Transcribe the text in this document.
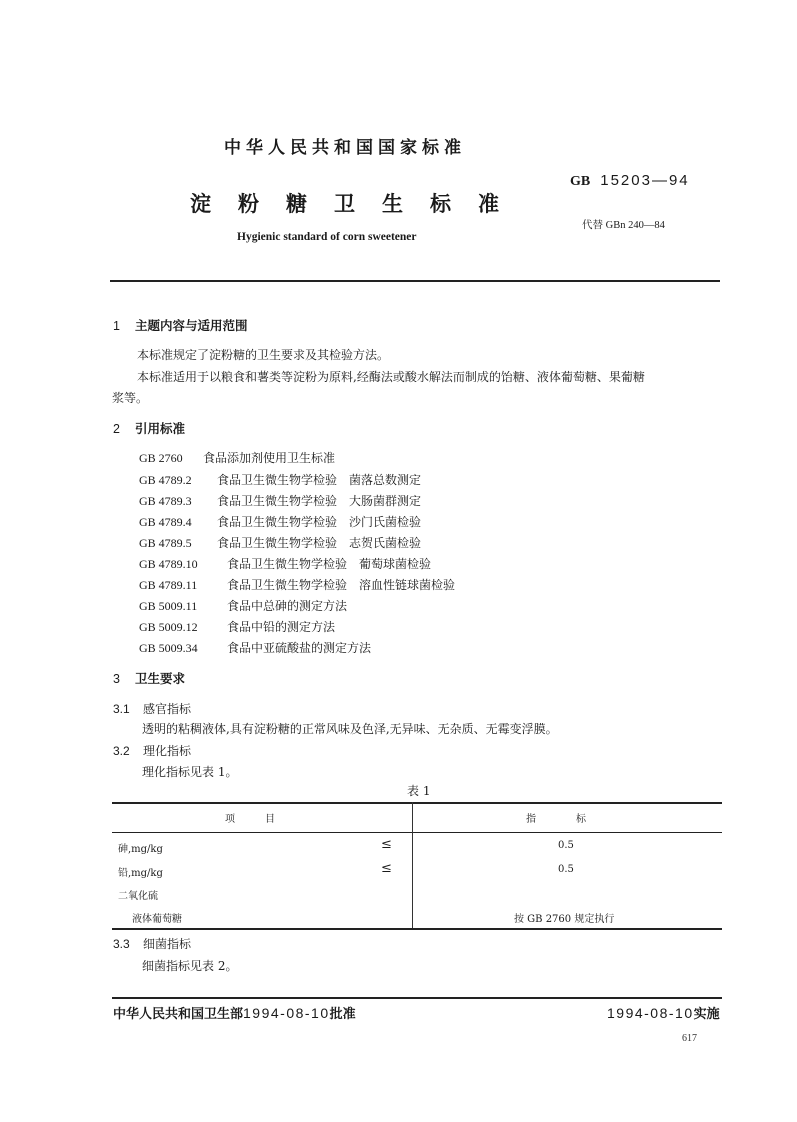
中华人民共和国国家标准
淀粉糖卫生标准
Hygienic standard of corn sweetener
GB 15203—94
代替 GBn 240—84
1 主题内容与适用范围
本标准规定了淀粉糖的卫生要求及其检验方法。
本标准适用于以粮食和薯类等淀粉为原料,经酶法或酸水解法而制成的饴糖、液体葡萄糖、果葡糖
浆等。
2 引用标准
GB 2760 食品添加剂使用卫生标准
GB 4789.2 食品卫生微生物学检验　菌落总数测定
GB 4789.3 食品卫生微生物学检验　大肠菌群测定
GB 4789.4 食品卫生微生物学检验　沙门氏菌检验
GB 4789.5 食品卫生微生物学检验　志贺氏菌检验
GB 4789.10 食品卫生微生物学检验　葡萄球菌检验
GB 4789.11 食品卫生微生物学检验　溶血性链球菌检验
GB 5009.11 食品中总砷的测定方法
GB 5009.12 食品中铅的测定方法
GB 5009.34 食品中亚硫酸盐的测定方法
3 卫生要求
3.1 感官指标
透明的粘稠液体,具有淀粉糖的正常风味及色泽,无异味、无杂质、无霉变浮膜。
3.2 理化指标
理化指标见表 1。
表 1
项　　　目	指　　　　标
砷,mg/kg	≤	0.5
铅,mg/kg	≤	0.5
二氧化硫
液体葡萄糖	按 GB 2760 规定执行
3.3 细菌指标
细菌指标见表 2。
中华人民共和国卫生部1994-08-10批准	1994-08-10实施
617
